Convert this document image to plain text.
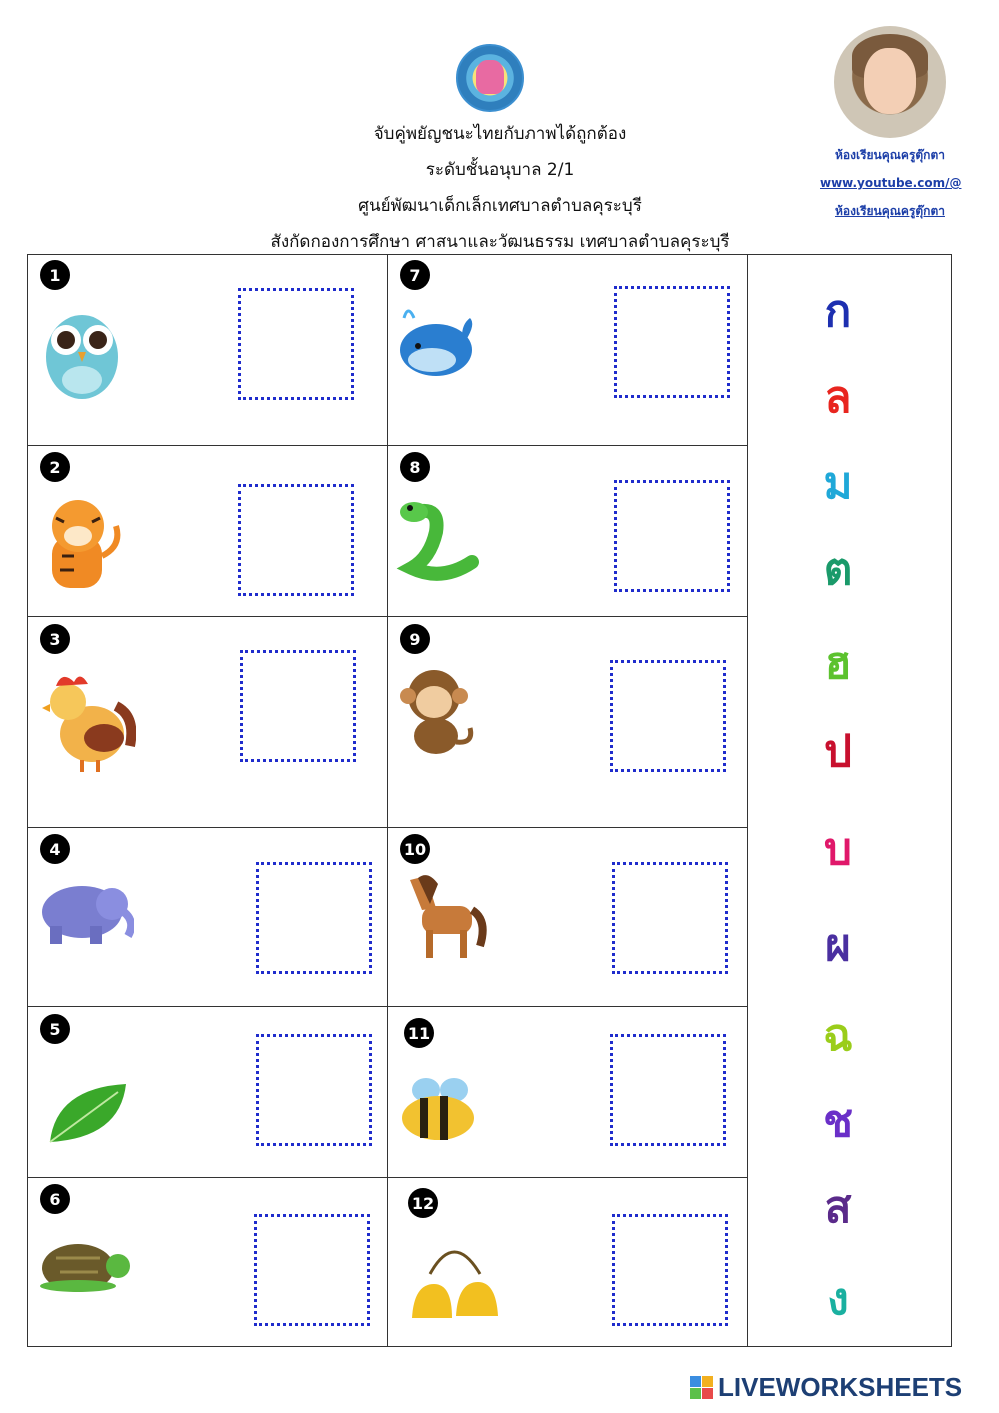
จับคู่พยัญชนะไทยกับภาพได้ถูกต้อง
ระดับชั้นอนุบาล 2/1
ศูนย์พัฒนาเด็กเล็กเทศบาลตำบลคุระบุรี
สังกัดกองการศึกษา ศาสนาและวัฒนธรรม เทศบาลตำบลคุระบุรี
ห้องเรียนคุณครูตุ๊กตา
www.youtube.com/@
ห้องเรียนคุณครูตุ๊กตา
1
2
3
4
5
6
7
8
9
10
11
12
ก
ล
ม
ต
ฮ
ป
บ
ผ
ฉ
ช
ส
ง
LIVEWORKSHEETS
